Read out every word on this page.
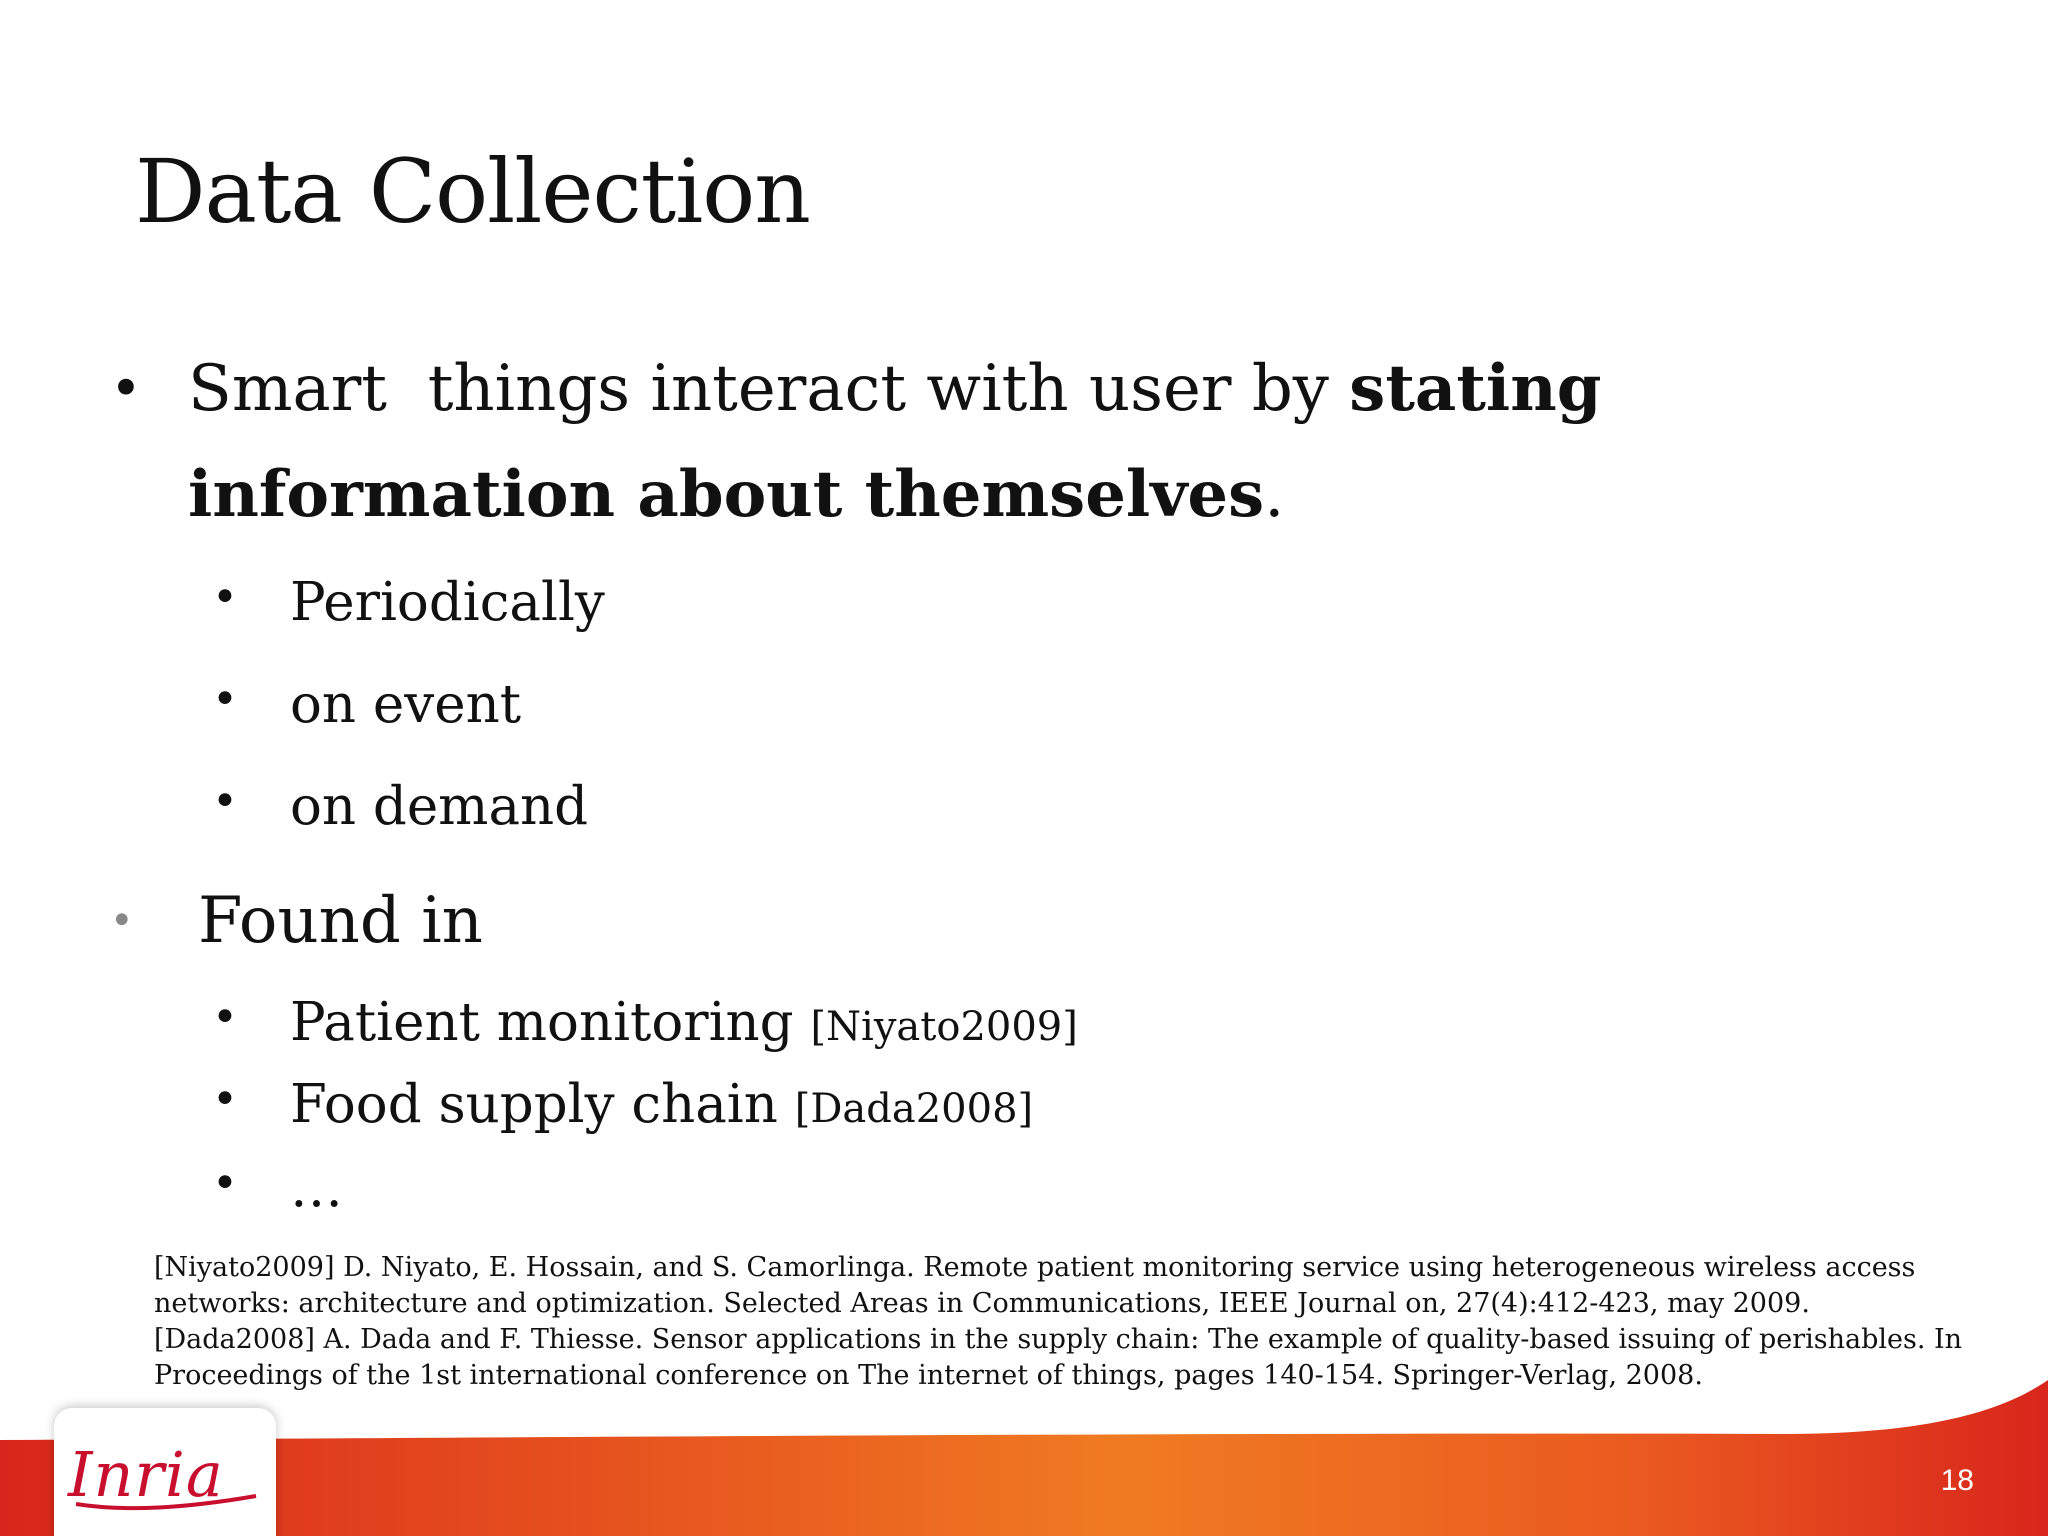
Data Collection
• Smart  things interact with user by stating information about themselves.
• Periodically
• on event
• on demand
• Found in
• Patient monitoring [Niyato2009]
• Food supply chain [Dada2008]
• …

[Niyato2009] D. Niyato, E. Hossain, and S. Camorlinga. Remote patient monitoring service using heterogeneous wireless access networks: architecture and optimization. Selected Areas in Communications, IEEE Journal on, 27(4):412-423, may 2009.

[Dada2008] A. Dada and F. Thiesse. Sensor applications in the supply chain: The example of quality-based issuing of perishables. In Proceedings of the 1st international conference on The internet of things, pages 140-154. Springer-Verlag, 2008.

18
Inria
